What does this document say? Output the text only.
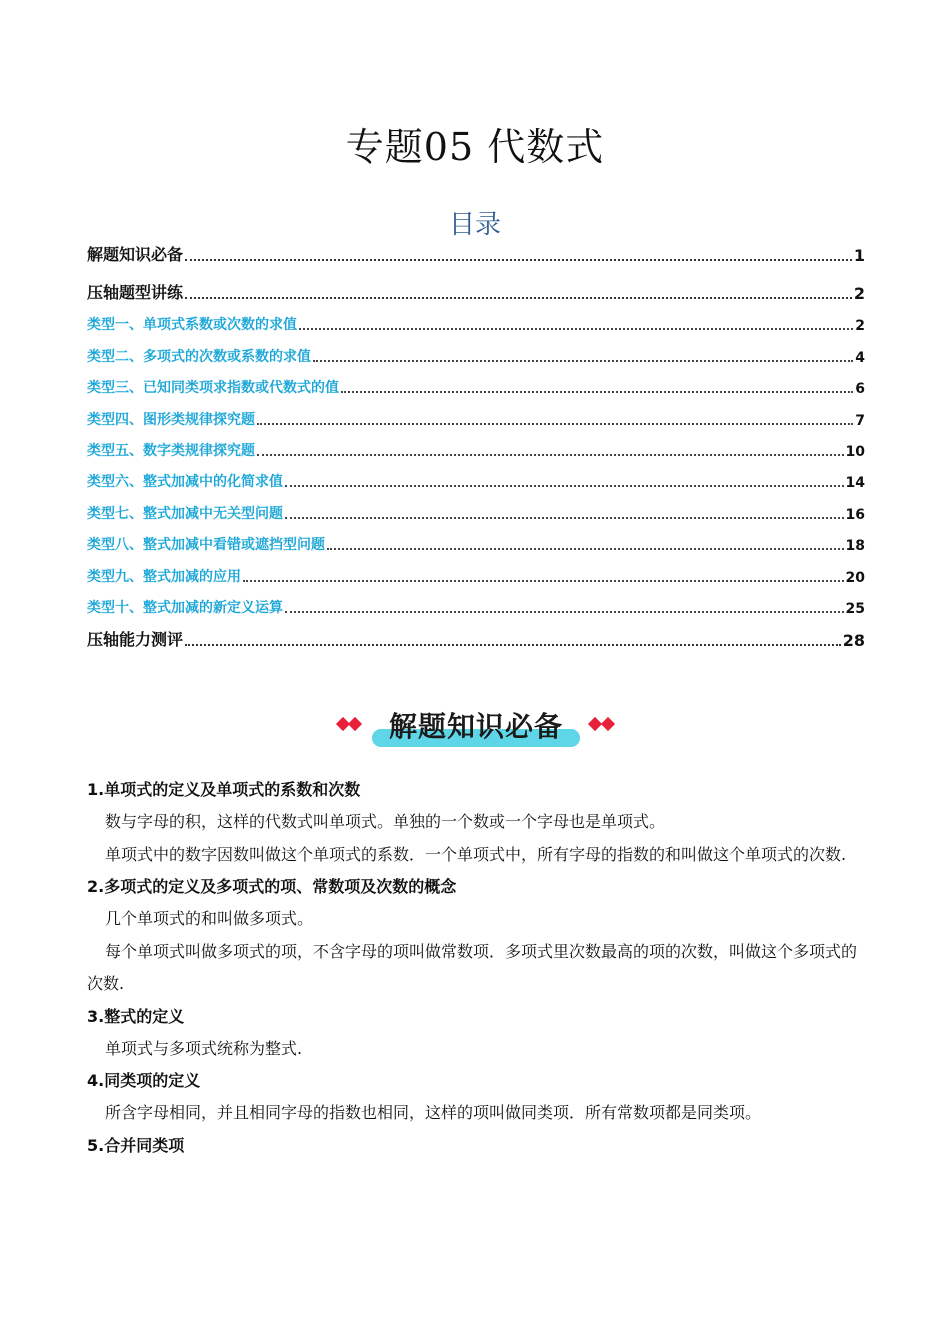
专题05 代数式
目录
解题知识必备	1
压轴题型讲练	2
类型一、单项式系数或次数的求值	2
类型二、多项式的次数或系数的求值	4
类型三、已知同类项求指数或代数式的值	6
类型四、图形类规律探究题	7
类型五、数字类规律探究题	10
类型六、整式加减中的化简求值	14
类型七、整式加减中无关型问题	16
类型八、整式加减中看错或遮挡型问题	18
类型九、整式加减的应用	20
类型十、整式加减的新定义运算	25
压轴能力测评	28
解题知识必备
1.单项式的定义及单项式的系数和次数

数与字母的积，这样的代数式叫单项式。单独的一个数或一个字母也是单项式。

单项式中的数字因数叫做这个单项式的系数．一个单项式中，所有字母的指数的和叫做这个单项式的次数.

2.多项式的定义及多项式的项、常数项及次数的概念

几个单项式的和叫做多项式。

每个单项式叫做多项式的项，不含字母的项叫做常数项．多项式里次数最高的项的次数，叫做这个多项式的次数.

3.整式的定义

单项式与多项式统称为整式.

4.同类项的定义

所含字母相同，并且相同字母的指数也相同，这样的项叫做同类项．所有常数项都是同类项。

5.合并同类项
